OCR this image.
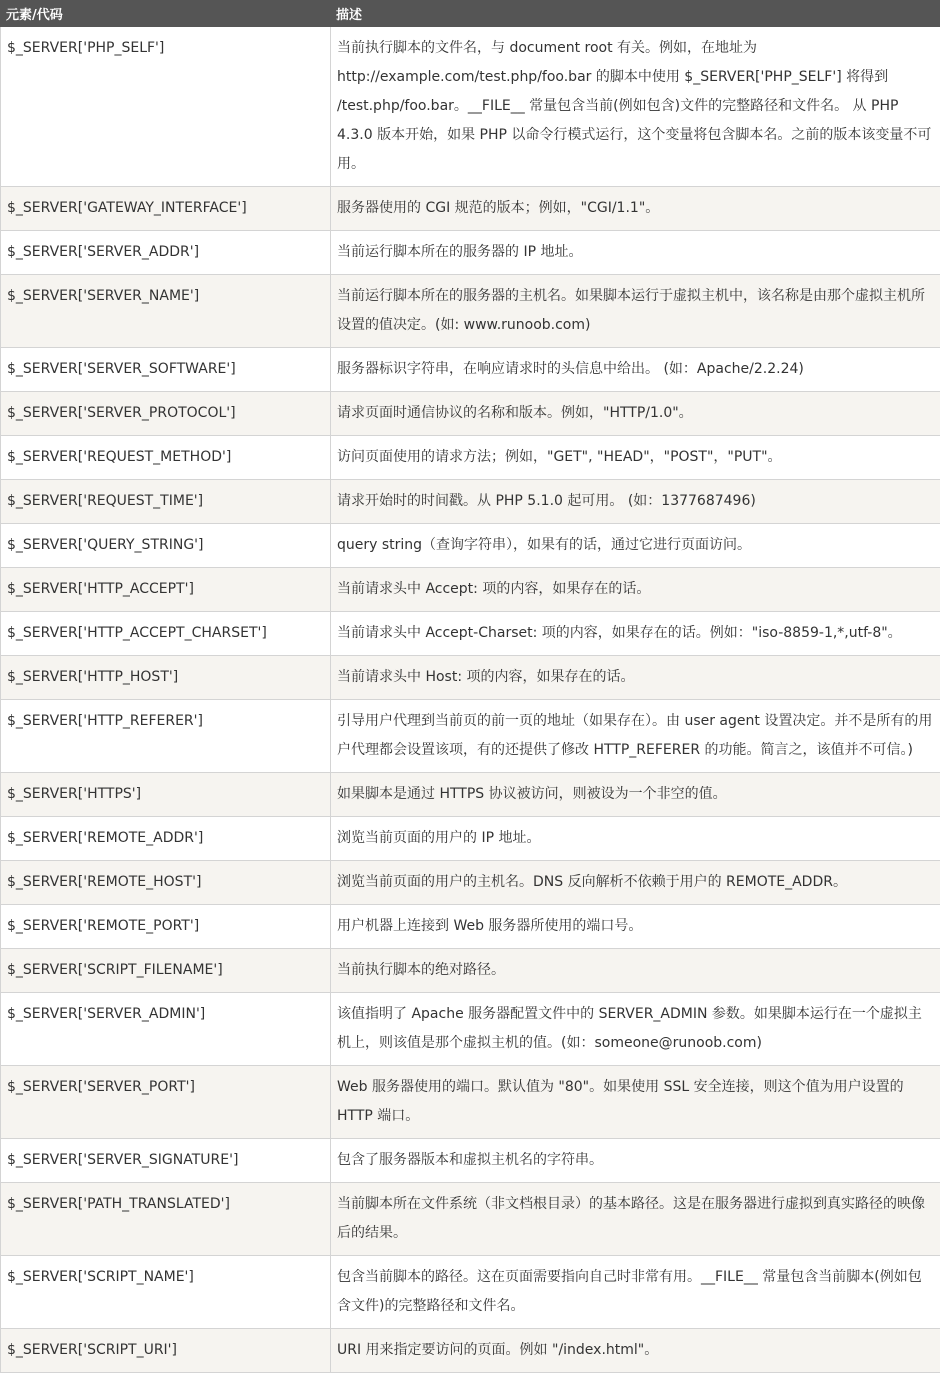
元素/代码	描述
$_SERVER['PHP_SELF']	当前执行脚本的文件名，与 document root 有关。例如，在地址为 http://example.com/test.php/foo.bar 的脚本中使用 $_SERVER['PHP_SELF'] 将得到 /test.php/foo.bar。__FILE__ 常量包含当前(例如包含)文件的完整路径和文件名。 从 PHP 4.3.0 版本开始，如果 PHP 以命令行模式运行，这个变量将包含脚本名。之前的版本该变量不可用。
$_SERVER['GATEWAY_INTERFACE']	服务器使用的 CGI 规范的版本；例如，"CGI/1.1"。
$_SERVER['SERVER_ADDR']	当前运行脚本所在的服务器的 IP 地址。
$_SERVER['SERVER_NAME']	当前运行脚本所在的服务器的主机名。如果脚本运行于虚拟主机中，该名称是由那个虚拟主机所设置的值决定。(如: www.runoob.com)
$_SERVER['SERVER_SOFTWARE']	服务器标识字符串，在响应请求时的头信息中给出。 (如：Apache/2.2.24)
$_SERVER['SERVER_PROTOCOL']	请求页面时通信协议的名称和版本。例如，"HTTP/1.0"。
$_SERVER['REQUEST_METHOD']	访问页面使用的请求方法；例如，"GET", "HEAD"，"POST"，"PUT"。
$_SERVER['REQUEST_TIME']	请求开始时的时间戳。从 PHP 5.1.0 起可用。 (如：1377687496)
$_SERVER['QUERY_STRING']	query string（查询字符串），如果有的话，通过它进行页面访问。
$_SERVER['HTTP_ACCEPT']	当前请求头中 Accept: 项的内容，如果存在的话。
$_SERVER['HTTP_ACCEPT_CHARSET']	当前请求头中 Accept-Charset: 项的内容，如果存在的话。例如："iso-8859-1,*,utf-8"。
$_SERVER['HTTP_HOST']	当前请求头中 Host: 项的内容，如果存在的话。
$_SERVER['HTTP_REFERER']	引导用户代理到当前页的前一页的地址（如果存在）。由 user agent 设置决定。并不是所有的用户代理都会设置该项，有的还提供了修改 HTTP_REFERER 的功能。简言之，该值并不可信。)
$_SERVER['HTTPS']	如果脚本是通过 HTTPS 协议被访问，则被设为一个非空的值。
$_SERVER['REMOTE_ADDR']	浏览当前页面的用户的 IP 地址。
$_SERVER['REMOTE_HOST']	浏览当前页面的用户的主机名。DNS 反向解析不依赖于用户的 REMOTE_ADDR。
$_SERVER['REMOTE_PORT']	用户机器上连接到 Web 服务器所使用的端口号。
$_SERVER['SCRIPT_FILENAME']	当前执行脚本的绝对路径。
$_SERVER['SERVER_ADMIN']	该值指明了 Apache 服务器配置文件中的 SERVER_ADMIN 参数。如果脚本运行在一个虚拟主机上，则该值是那个虚拟主机的值。(如：someone@runoob.com)
$_SERVER['SERVER_PORT']	Web 服务器使用的端口。默认值为 "80"。如果使用 SSL 安全连接，则这个值为用户设置的 HTTP 端口。
$_SERVER['SERVER_SIGNATURE']	包含了服务器版本和虚拟主机名的字符串。
$_SERVER['PATH_TRANSLATED']	当前脚本所在文件系统（非文档根目录）的基本路径。这是在服务器进行虚拟到真实路径的映像后的结果。
$_SERVER['SCRIPT_NAME']	包含当前脚本的路径。这在页面需要指向自己时非常有用。__FILE__ 常量包含当前脚本(例如包含文件)的完整路径和文件名。
$_SERVER['SCRIPT_URI']	URI 用来指定要访问的页面。例如 "/index.html"。
